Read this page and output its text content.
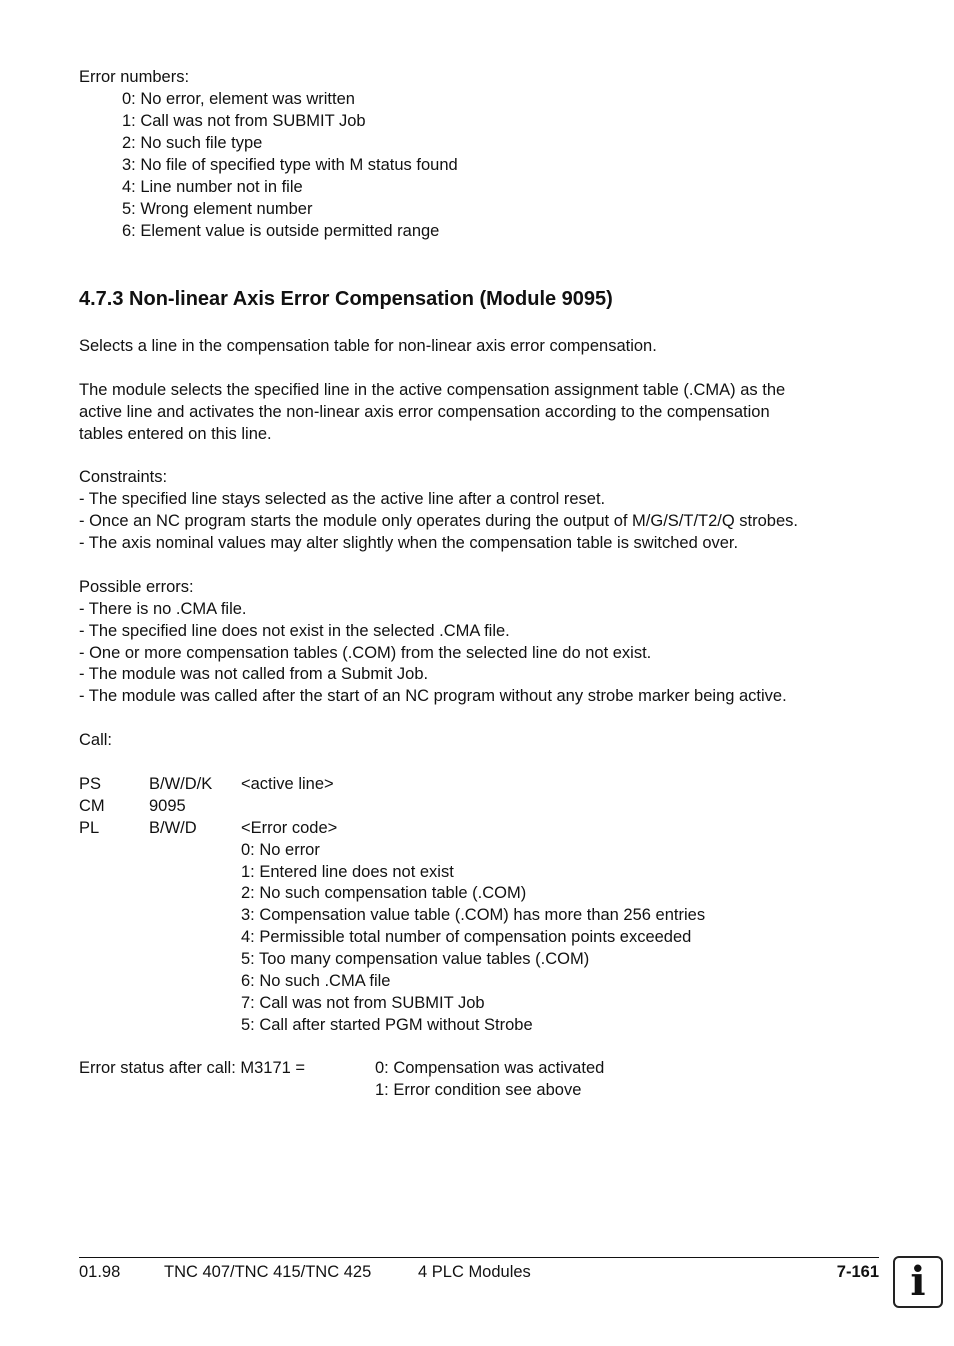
Error numbers:
0: No error, element was written
1: Call was not from SUBMIT Job
2: No such file type
3: No file of specified type with M status found
4: Line number not in file
5: Wrong element number
6: Element value is outside permitted range
4.7.3 Non-linear Axis Error Compensation (Module 9095)
Selects a line in the compensation table for non-linear axis error compensation.
The module selects the specified line in the active compensation assignment table (.CMA) as the
active line and activates the non-linear axis error compensation according to the compensation
tables entered on this line.
Constraints:
- The specified line stays selected as the active line after a control reset.
- Once an NC program starts the module only operates during the output of M/G/S/T/T2/Q strobes.
- The axis nominal values may alter slightly when the compensation table is switched over.
Possible errors:
- There is no .CMA file.
- The specified line does not exist in the selected .CMA file.
- One or more compensation tables (.COM) from the selected line do not exist.
- The module was not called from a Submit Job.
- The module was called after the start of an NC program without any strobe marker being active.
Call:
PS	B/W/D/K <active line>
CM	9095
PL	B/W/D	<Error code>
0: No error
1: Entered line does not exist
2: No such compensation table (.COM)
3: Compensation value table (.COM) has more than 256 entries
4: Permissible total number of compensation points exceeded
5: Too many compensation value tables (.COM)
6: No such .CMA file
7: Call was not from SUBMIT Job
5: Call after started PGM without Strobe
Error status after call: M3171 =	0: Compensation was activated
1: Error condition see above
01.98	TNC 407/TNC 415/TNC 425	4 PLC Modules	7-161 i
